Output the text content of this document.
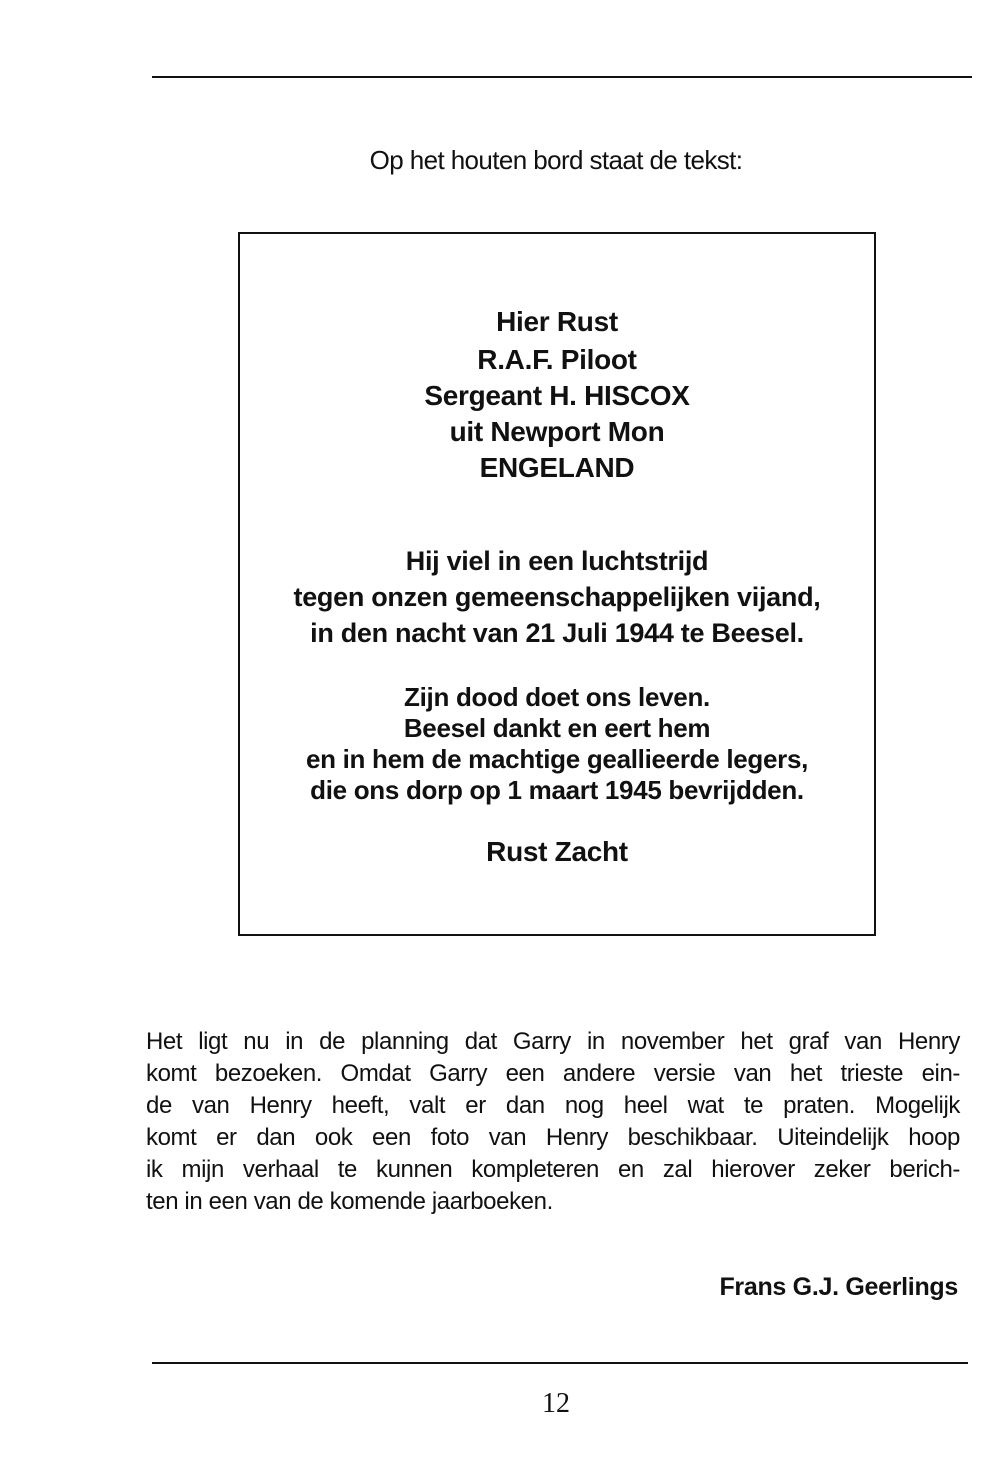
Op het houten bord staat de tekst:
Hier Rust
R.A.F. Piloot
Sergeant H. HISCOX
uit Newport Mon
ENGELAND
Hij viel in een luchtstrijd
tegen onzen gemeenschappelijken vijand,
in den nacht van 21 Juli 1944 te Beesel.
Zijn dood doet ons leven.
Beesel dankt en eert hem
en in hem de machtige geallieerde legers,
die ons dorp op 1 maart 1945 bevrijdden.
Rust Zacht
Het ligt nu in de planning dat Garry in november het graf van Henry
komt bezoeken. Omdat Garry een andere versie van het trieste ein-
de van Henry heeft, valt er dan nog heel wat te praten. Mogelijk
komt er dan ook een foto van Henry beschikbaar. Uiteindelijk hoop
ik mijn verhaal te kunnen kompleteren en zal hierover zeker berich-
ten in een van de komende jaarboeken.
Frans G.J. Geerlings
12
